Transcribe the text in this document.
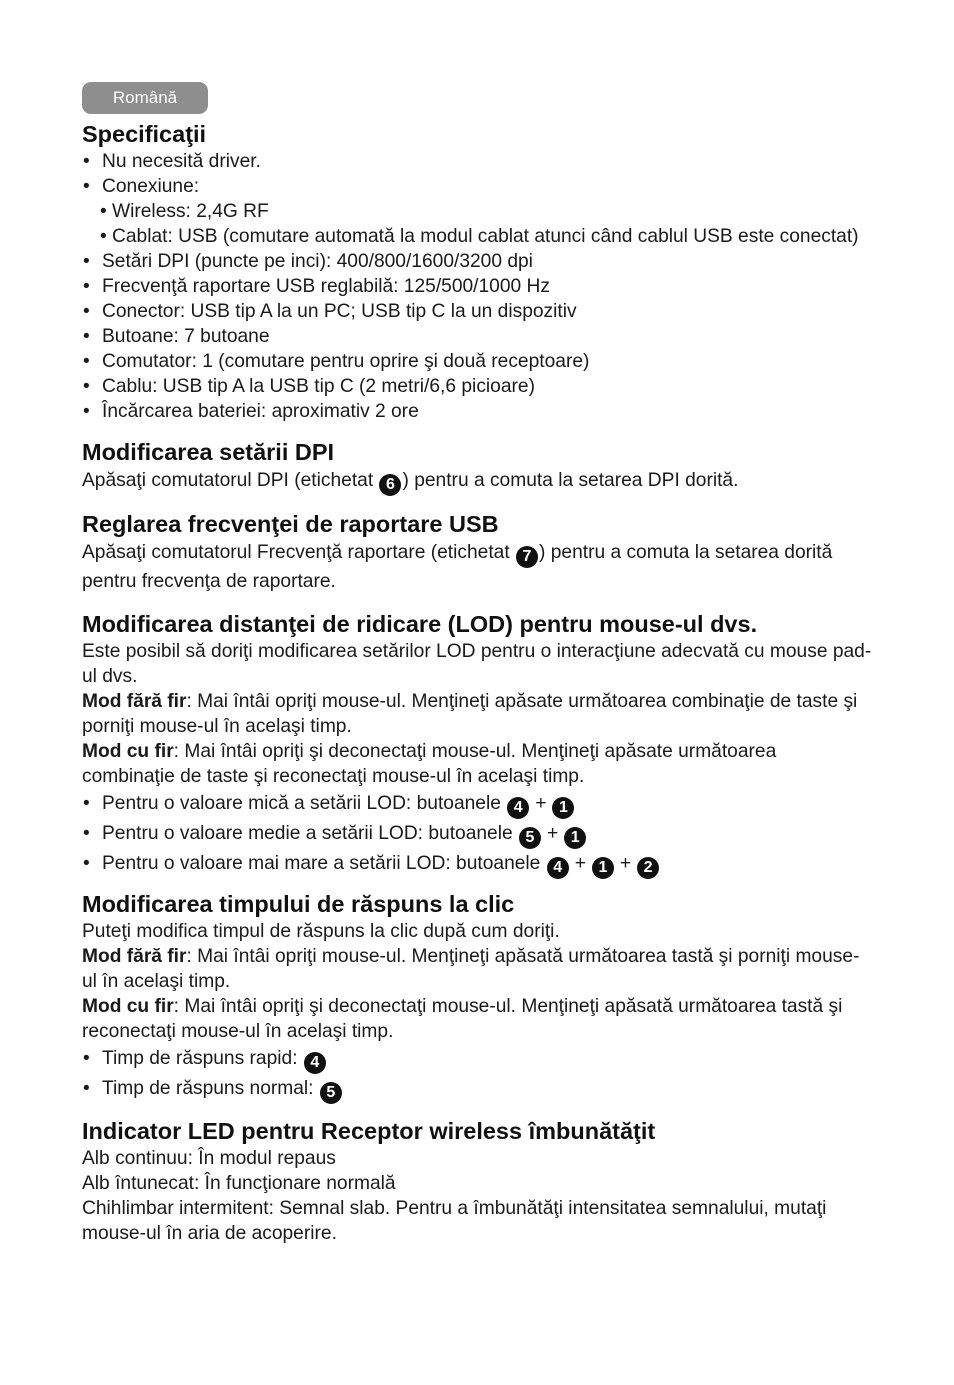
Română
Specificaţii
• Nu necesită driver.
• Conexiune:
• Wireless: 2,4G RF
• Cablat: USB (comutare automată la modul cablat atunci când cablul USB este conectat)
• Setări DPI (puncte pe inci): 400/800/1600/3200 dpi
• Frecvenţă raportare USB reglabilă: 125/500/1000 Hz
• Conector: USB tip A la un PC; USB tip C la un dispozitiv
• Butoane: 7 butoane
• Comutator: 1 (comutare pentru oprire şi două receptoare)
• Cablu: USB tip A la USB tip C (2 metri/6,6 picioare)
• Încărcarea bateriei: aproximativ 2 ore
Modificarea setării DPI

Apăsaţi comutatorul DPI (etichetat 6 ) pentru a comuta la setarea DPI dorită.

Reglarea frecvenţei de raportare USB

Apăsaţi comutatorul Frecvenţă raportare (etichetat 7 ) pentru a comuta la setarea dorită pentru frecvenţa de raportare.

Modificarea distanţei de ridicare (LOD) pentru mouse-ul dvs.

Este posibil să doriţi modificarea setărilor LOD pentru o interacţiune adecvată cu mouse pad-ul dvs.

Mod fără fir: Mai întâi opriţi mouse-ul. Menţineţi apăsate următoarea combinaţie de taste şi porniţi mouse-ul în acelaşi timp.

Mod cu fir: Mai întâi opriţi şi deconectaţi mouse-ul. Menţineţi apăsate următoarea combinaţie de taste şi reconectaţi mouse-ul în acelaşi timp.

• Pentru o valoare mică a setării LOD: butoanele 4 + 1
• Pentru o valoare medie a setării LOD: butoanele 5 + 1
• Pentru o valoare mai mare a setării LOD: butoanele 4 + 1 + 2
Modificarea timpului de răspuns la clic

Puteţi modifica timpul de răspuns la clic după cum doriţi.

Mod fără fir: Mai întâi opriţi mouse-ul. Menţineţi apăsată următoarea tastă şi porniţi mouse-ul în acelaşi timp.

Mod cu fir: Mai întâi opriţi şi deconectaţi mouse-ul. Menţineţi apăsată următoarea tastă şi reconectaţi mouse-ul în acelaşi timp.

• Timp de răspuns rapid: 4
• Timp de răspuns normal: 5
Indicator LED pentru Receptor wireless îmbunătăţit

Alb continuu: În modul repaus

Alb întunecat: În funcţionare normală

Chihlimbar intermitent: Semnal slab. Pentru a îmbunătăţi intensitatea semnalului, mutaţi mouse-ul în aria de acoperire.
